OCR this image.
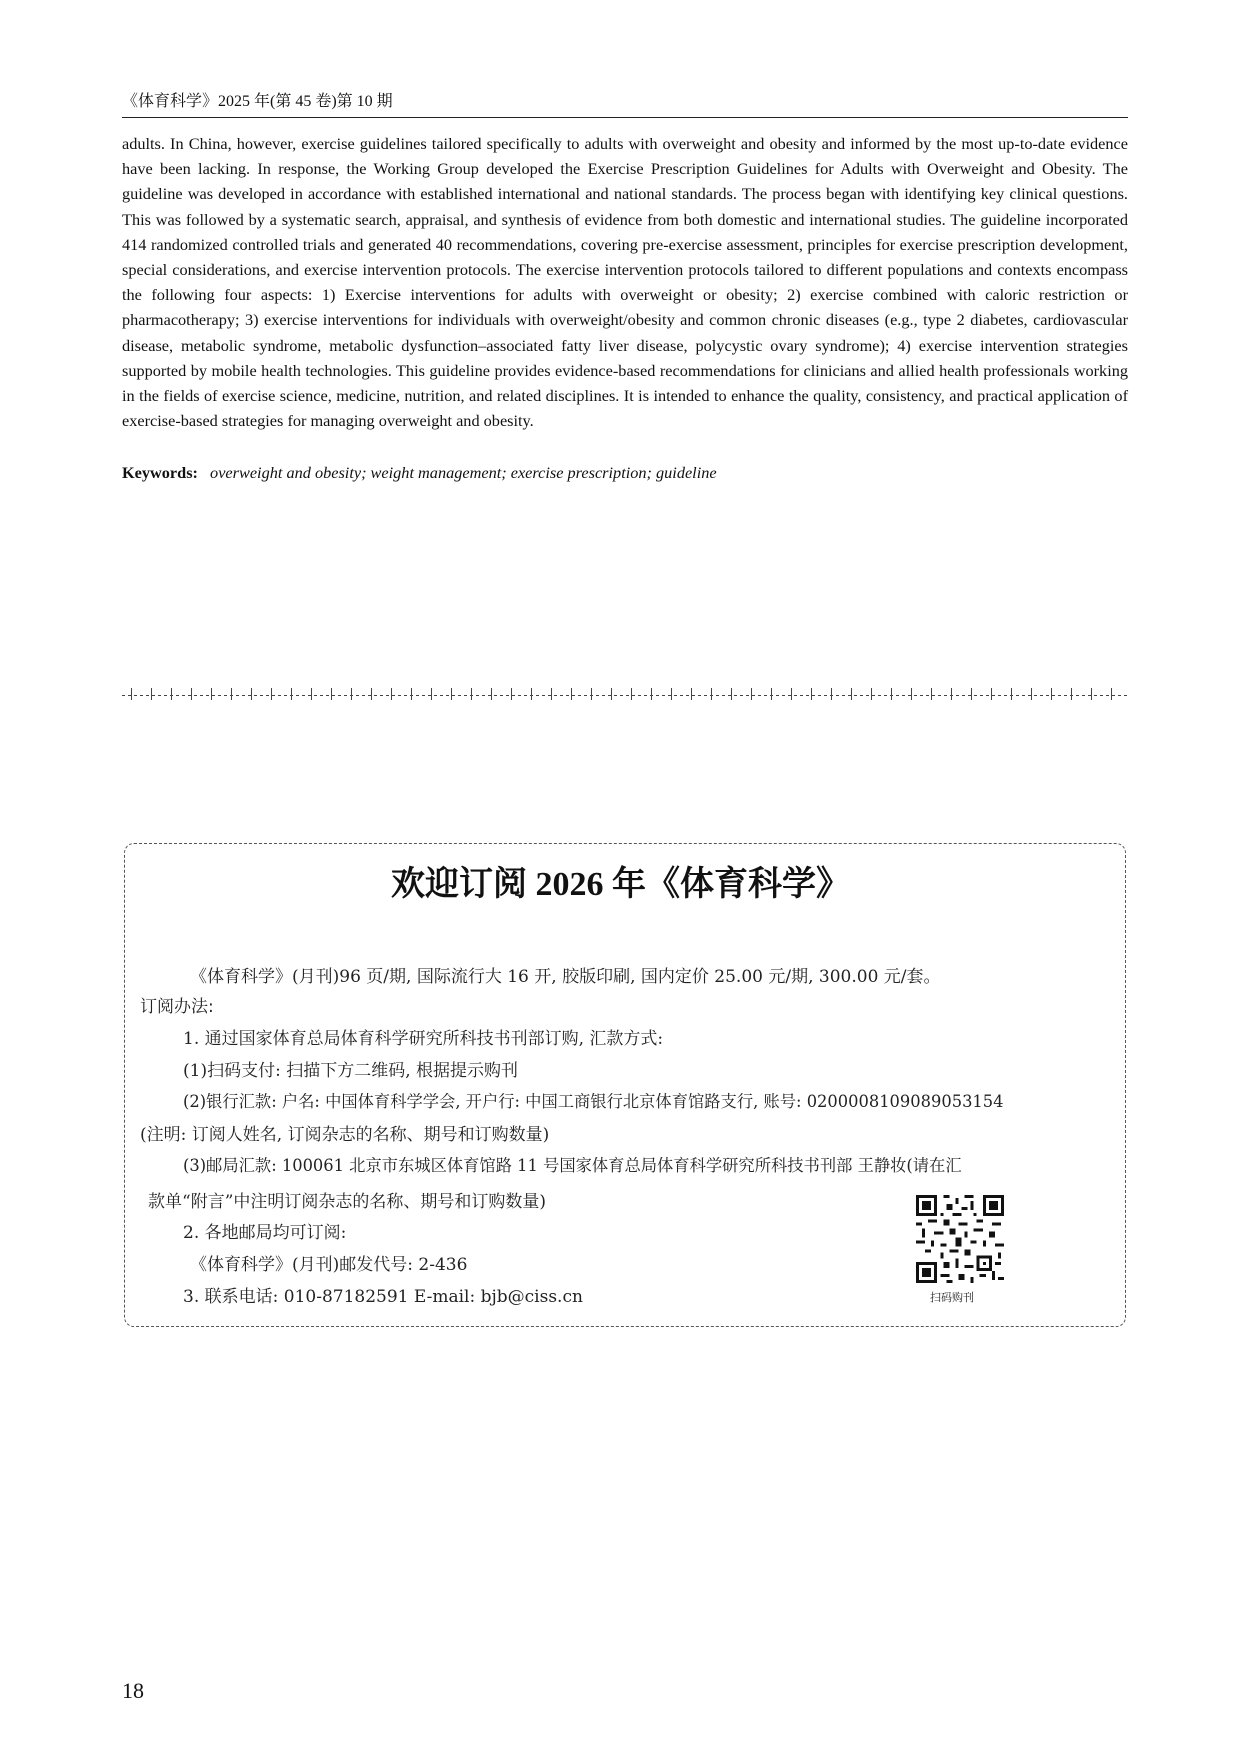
《体育科学》2025 年(第 45 卷)第 10 期
adults. In China, however, exercise guidelines tailored specifically to adults with overweight and obesity and informed by the most up-to-date evidence have been lacking. In response, the Working Group developed the Exercise Prescription Guidelines for Adults with Overweight and Obesity. The guideline was developed in accordance with established international and national standards. The process began with identifying key clinical questions. This was followed by a systematic search, appraisal, and synthesis of evidence from both domestic and international studies. The guideline incorporated 414 randomized controlled trials and generated 40 recommendations, covering pre-exercise assessment, principles for exercise prescription development, special considerations, and exercise intervention protocols. The exercise intervention protocols tailored to different populations and contexts encompass the following four aspects: 1) Exercise interventions for adults with overweight or obesity; 2) exercise combined with caloric restriction or pharmacotherapy; 3) exercise interventions for individuals with overweight/obesity and common chronic diseases (e.g., type 2 diabetes, cardiovascular disease, metabolic syndrome, metabolic dysfunction–associated fatty liver disease, polycystic ovary syndrome); 4) exercise intervention strategies supported by mobile health technologies. This guideline provides evidence-based recommendations for clinicians and allied health professionals working in the fields of exercise science, medicine, nutrition, and related disciplines. It is intended to enhance the quality, consistency, and practical application of exercise-based strategies for managing overweight and obesity.
Keywords: overweight and obesity; weight management; exercise prescription; guideline
欢迎订阅 2026 年《体育科学》
《体育科学》(月刊)96 页/期, 国际流行大 16 开, 胶版印刷, 国内定价 25.00 元/期, 300.00 元/套。
订阅办法:
1. 通过国家体育总局体育科学研究所科技书刊部订购, 汇款方式:
(1)扫码支付: 扫描下方二维码, 根据提示购刊
(2)银行汇款: 户名: 中国体育科学学会, 开户行: 中国工商银行北京体育馆路支行, 账号: 0200008109089053154
(注明: 订阅人姓名, 订阅杂志的名称、期号和订购数量)
(3)邮局汇款: 100061 北京市东城区体育馆路 11 号国家体育总局体育科学研究所科技书刊部 王静妆(请在汇
款单“附言”中注明订阅杂志的名称、期号和订购数量)
2. 各地邮局均可订阅:
《体育科学》(月刊)邮发代号: 2-436
3. 联系电话: 010-87182591 E-mail: bjb@ciss.cn	扫码购刊
18
